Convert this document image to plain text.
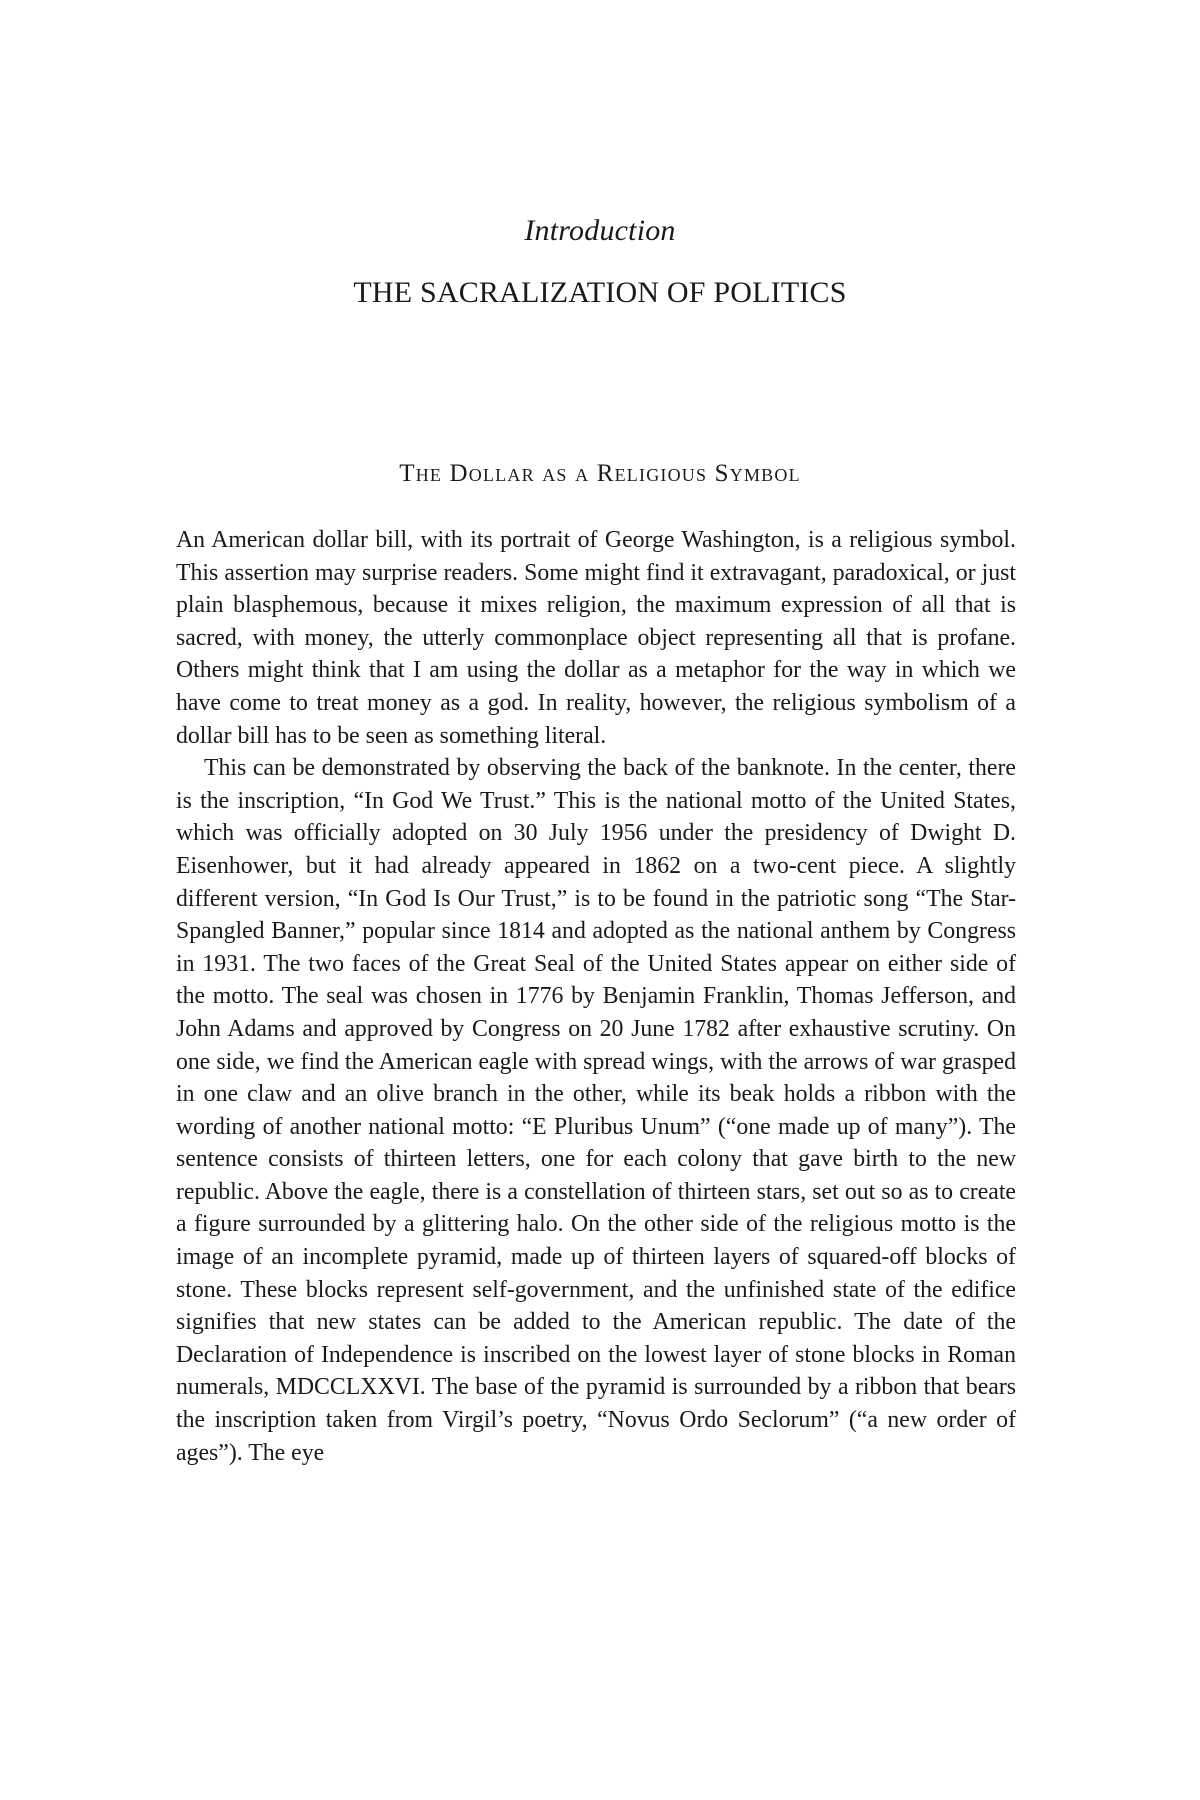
Introduction
THE SACRALIZATION OF POLITICS
The Dollar as a Religious Symbol

An American dollar bill, with its portrait of George Washington, is a religious symbol. This assertion may surprise readers. Some might find it extravagant, paradoxical, or just plain blasphemous, because it mixes religion, the maximum expression of all that is sacred, with money, the utterly commonplace object representing all that is profane. Others might think that I am using the dollar as a metaphor for the way in which we have come to treat money as a god. In reality, however, the religious symbolism of a dollar bill has to be seen as something literal.

This can be demonstrated by observing the back of the banknote. In the center, there is the inscription, “In God We Trust.” This is the national motto of the United States, which was officially adopted on 30 July 1956 under the presidency of Dwight D. Eisenhower, but it had already appeared in 1862 on a two-cent piece. A slightly different version, “In God Is Our Trust,” is to be found in the patriotic song “The Star-Spangled Banner,” popular since 1814 and adopted as the national anthem by Congress in 1931. The two faces of the Great Seal of the United States appear on either side of the motto. The seal was chosen in 1776 by Benjamin Franklin, Thomas Jefferson, and John Adams and approved by Congress on 20 June 1782 after exhaustive scrutiny. On one side, we find the American eagle with spread wings, with the arrows of war grasped in one claw and an olive branch in the other, while its beak holds a ribbon with the wording of another national motto: “E Pluribus Unum” (“one made up of many”). The sentence consists of thirteen letters, one for each colony that gave birth to the new republic. Above the eagle, there is a constellation of thirteen stars, set out so as to create a figure surrounded by a glittering halo. On the other side of the religious motto is the image of an incomplete pyramid, made up of thirteen layers of squared-off blocks of stone. These blocks represent self-government, and the unfinished state of the edifice signifies that new states can be added to the American republic. The date of the Declaration of Independence is inscribed on the lowest layer of stone blocks in Roman numerals, MDCCLXXVI. The base of the pyramid is surrounded by a ribbon that bears the inscription taken from Virgil’s poetry, “Novus Ordo Seclorum” (“a new order of ages”). The eye
